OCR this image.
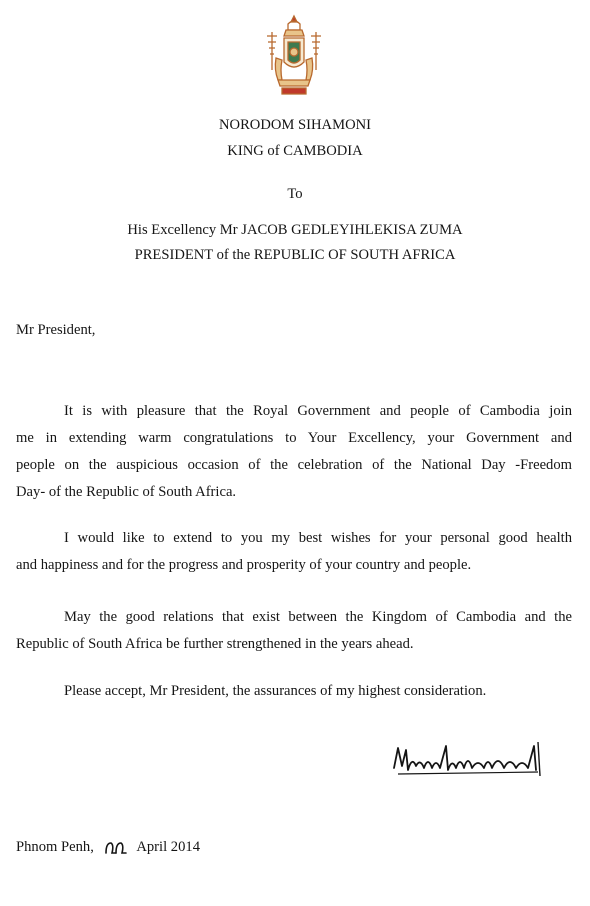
NORODOM SIHAMONI
KING of CAMBODIA
To
His Excellency Mr JACOB GEDLEYIHLEKISA ZUMA
PRESIDENT of the REPUBLIC OF SOUTH AFRICA
Mr President,
It is with pleasure that the Royal Government and people of Cambodia join
me in extending warm congratulations to Your Excellency, your Government and
people on the auspicious occasion of the celebration of the National Day -Freedom
Day- of the Republic of South Africa.
I would like to extend to you my best wishes for your personal good health
and happiness and for the progress and prosperity of your country and people.
May the good relations that exist between the Kingdom of Cambodia and the
Republic of South Africa be further strengthened in the years ahead.
Please accept, Mr President, the assurances of my highest consideration.
Phnom Penh,	April 2014
